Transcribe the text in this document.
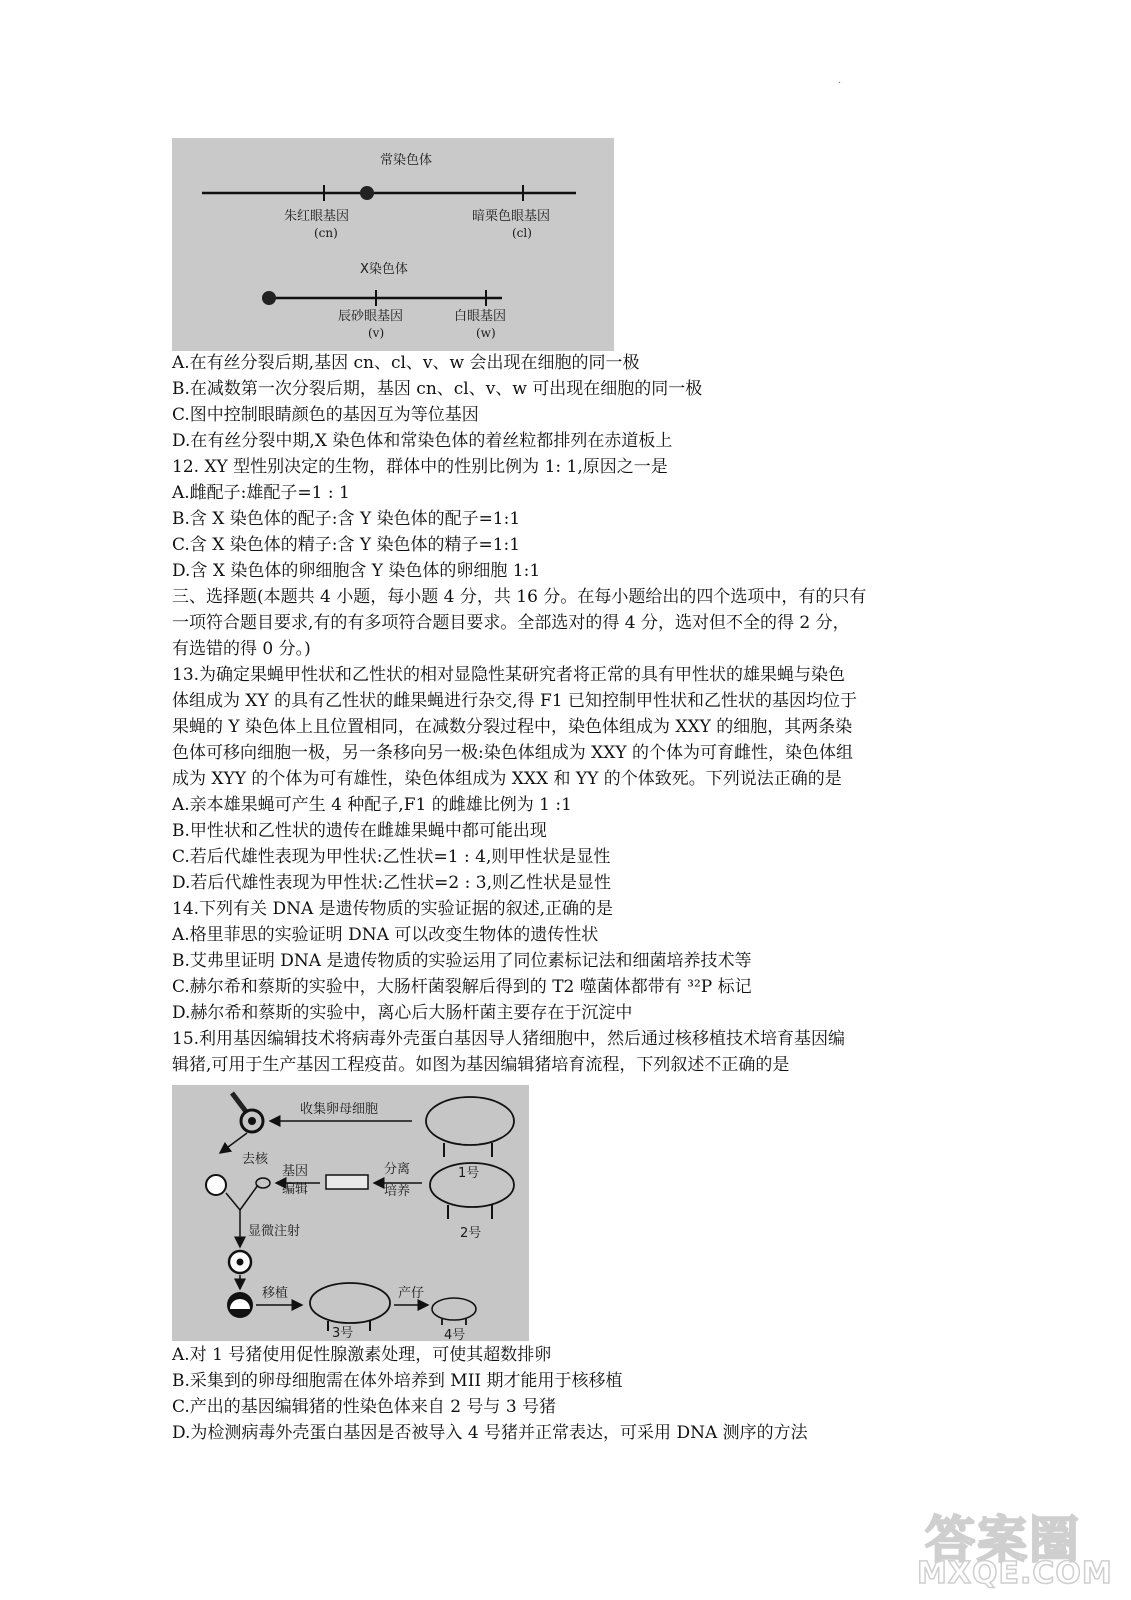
·
常染色体
朱红眼基因
(cn)
暗栗色眼基因
(cl)
X染色体
辰砂眼基因
(v)
白眼基因
(w)
A.在有丝分裂后期,基因 cn、cl、v、w 会出现在细胞的同一极
B.在减数第一次分裂后期，基因 cn、cl、v、w 可出现在细胞的同一极
C.图中控制眼睛颜色的基因互为等位基因
D.在有丝分裂中期,X 染色体和常染色体的着丝粒都排列在赤道板上
12. XY 型性别决定的生物，群体中的性别比例为 1: 1,原因之一是
A.雌配子:雄配子=1 : 1
B.含 X 染色体的配子:含 Y 染色体的配子=1:1
C.含 X 染色体的精子:含 Y 染色体的精子=1:1
D.含 X 染色体的卵细胞含 Y 染色体的卵细胞 1:1
三、选择题(本题共 4 小题，每小题 4 分，共 16 分。在每小题给出的四个选项中，有的只有
一项符合题目要求,有的有多项符合题目要求。全部选对的得 4 分，选对但不全的得 2 分，
有选错的得 0 分。)
13.为确定果蝇甲性状和乙性状的相对显隐性某研究者将正常的具有甲性状的雄果蝇与染色
体组成为 XY 的具有乙性状的雌果蝇进行杂交,得 F1 已知控制甲性状和乙性状的基因均位于
果蝇的 Y 染色体上且位置相同，在减数分裂过程中，染色体组成为 XXY 的细胞，其两条染
色体可移向细胞一极，另一条移向另一极:染色体组成为 XXY 的个体为可育雌性，染色体组
成为 XYY 的个体为可有雄性，染色体组成为 XXX 和 YY 的个体致死。下列说法正确的是
A.亲本雄果蝇可产生 4 种配子,F1 的雌雄比例为 1 :1
B.甲性状和乙性状的遗传在雌雄果蝇中都可能出现
C.若后代雄性表现为甲性状:乙性状=1 : 4,则甲性状是显性
D.若后代雄性表现为甲性状:乙性状=2 : 3,则乙性状是显性
14.下列有关 DNA 是遗传物质的实验证据的叙述,正确的是
A.格里菲思的实验证明 DNA 可以改变生物体的遗传性状
B.艾弗里证明 DNA 是遗传物质的实验运用了同位素标记法和细菌培养技术等
C.赫尔希和蔡斯的实验中，大肠杆菌裂解后得到的 T2 噬菌体都带有 ³²P 标记
D.赫尔希和蔡斯的实验中，离心后大肠杆菌主要存在于沉淀中
15.利用基因编辑技术将病毒外壳蛋白基因导人猪细胞中，然后通过核移植技术培育基因编
辑猪,可用于生产基因工程疫苗。如图为基因编辑猪培育流程，下列叙述不正确的是
收集卵母细胞
1号
去核
基因
编辑
分离
培养
2号
显微注射
移植
3号
产仔
4号
A.对 1 号猪使用促性腺激素处理，可使其超数排卵
B.采集到的卵母细胞需在体外培养到 MII 期才能用于核移植
C.产出的基因编辑猪的性染色体来自 2 号与 3 号猪
D.为检测病毒外壳蛋白基因是否被导入 4 号猪并正常表达，可采用 DNA 测序的方法
答案圈
MXQE.COM
